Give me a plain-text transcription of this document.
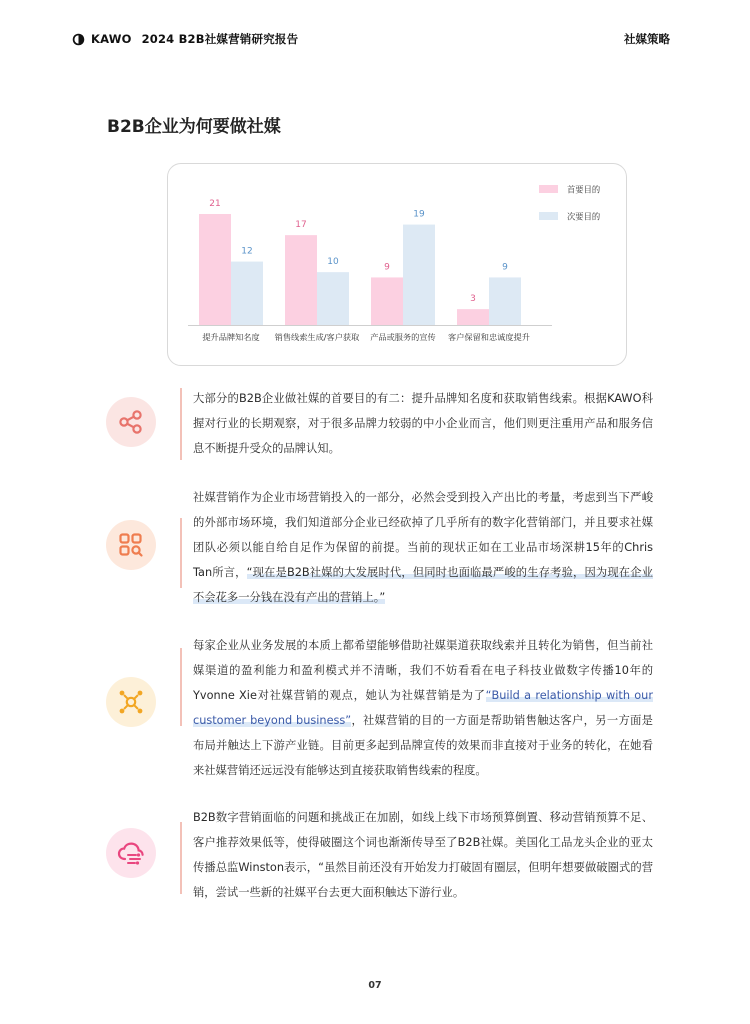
KAWO 2024 B2B社媒营销研究报告	社媒策略
B2B企业为何要做社媒
21
17
9
3
12
10
19
9
提升品牌知名度 销售线索生成/客户获取 产品或服务的宣传 客户保留和忠诚度提升
首要目的
次要目的
大部分的B2B企业做社媒的首要目的有二：提升品牌知名度和获取销售线索。根据KAWO科握对行业的长期观察，对于很多品牌力较弱的中小企业而言，他们则更注重用产品和服务信息不断提升受众的品牌认知。
社媒营销作为企业市场营销投入的一部分，必然会受到投入产出比的考量，考虑到当下严峻的外部市场环境，我们知道部分企业已经砍掉了几乎所有的数字化营销部门，并且要求社媒团队必须以能自给自足作为保留的前提。当前的现状正如在工业品市场深耕15年的Chris Tan所言，“现在是B2B社媒的大发展时代，但同时也面临最严峻的生存考验，因为现在企业不会花多一分钱在没有产出的营销上。”
每家企业从业务发展的本质上都希望能够借助社媒渠道获取线索并且转化为销售，但当前社媒渠道的盈利能力和盈利模式并不清晰，我们不妨看看在电子科技业做数字传播10年的Yvonne Xie对社媒营销的观点，她认为社媒营销是为了“Build a relationship with our customer beyond business”，社媒营销的目的一方面是帮助销售触达客户，另一方面是布局并触达上下游产业链。目前更多起到品牌宣传的效果而非直接对于业务的转化，在她看来社媒营销还远远没有能够达到直接获取销售线索的程度。
B2B数字营销面临的问题和挑战正在加剧，如线上线下市场预算倒置、移动营销预算不足、客户推荐效果低等，使得破圈这个词也渐渐传导至了B2B社媒。美国化工品龙头企业的亚太传播总监Winston表示，“虽然目前还没有开始发力打破固有圈层，但明年想要做破圈式的营销，尝试一些新的社媒平台去更大面积触达下游行业。
07
